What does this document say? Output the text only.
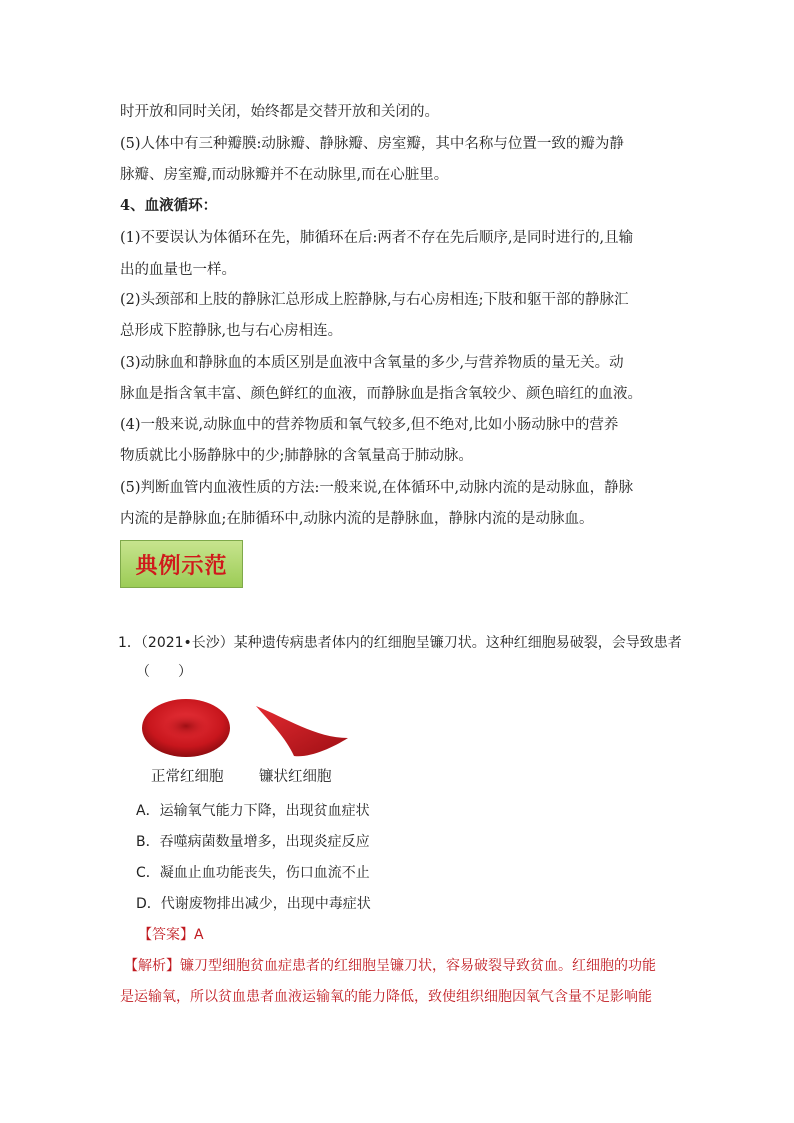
时开放和同时关闭，始终都是交替开放和关闭的。

(5)人体中有三种瓣膜:动脉瓣、静脉瓣、房室瓣，其中名称与位置一致的瓣为静

脉瓣、房室瓣,而动脉瓣并不在动脉里,而在心脏里。

4、血液循环：

(1)不要误认为体循环在先，肺循环在后:两者不存在先后顺序,是同时进行的,且输

出的血量也一样。

(2)头颈部和上肢的静脉汇总形成上腔静脉,与右心房相连;下肢和躯干部的静脉汇

总形成下腔静脉,也与右心房相连。

(3)动脉血和静脉血的本质区别是血液中含氧量的多少,与营养物质的量无关。动

脉血是指含氧丰富、颜色鲜红的血液，而静脉血是指含氧较少、颜色暗红的血液。

(4)一般来说,动脉血中的营养物质和氧气较多,但不绝对,比如小肠动脉中的营养

物质就比小肠静脉中的少;肺静脉的含氧量高于肺动脉。

(5)判断血管内血液性质的方法:一般来说,在体循环中,动脉内流的是动脉血，静脉

内流的是静脉血;在肺循环中,动脉内流的是静脉血，静脉内流的是动脉血。

典例示范

1．（2021•长沙）某种遗传病患者体内的红细胞呈镰刀状。这种红细胞易破裂，会导致患者

（　　）

正常红细胞 镰状红细胞

A．运输氧气能力下降，出现贫血症状

B．吞噬病菌数量增多，出现炎症反应

C．凝血止血功能丧失，伤口血流不止

D．代谢废物排出减少，出现中毒症状

【答案】A

【解析】镰刀型细胞贫血症患者的红细胞呈镰刀状，容易破裂导致贫血。红细胞的功能

是运输氧，所以贫血患者血液运输氧的能力降低，致使组织细胞因氧气含量不足影响能
